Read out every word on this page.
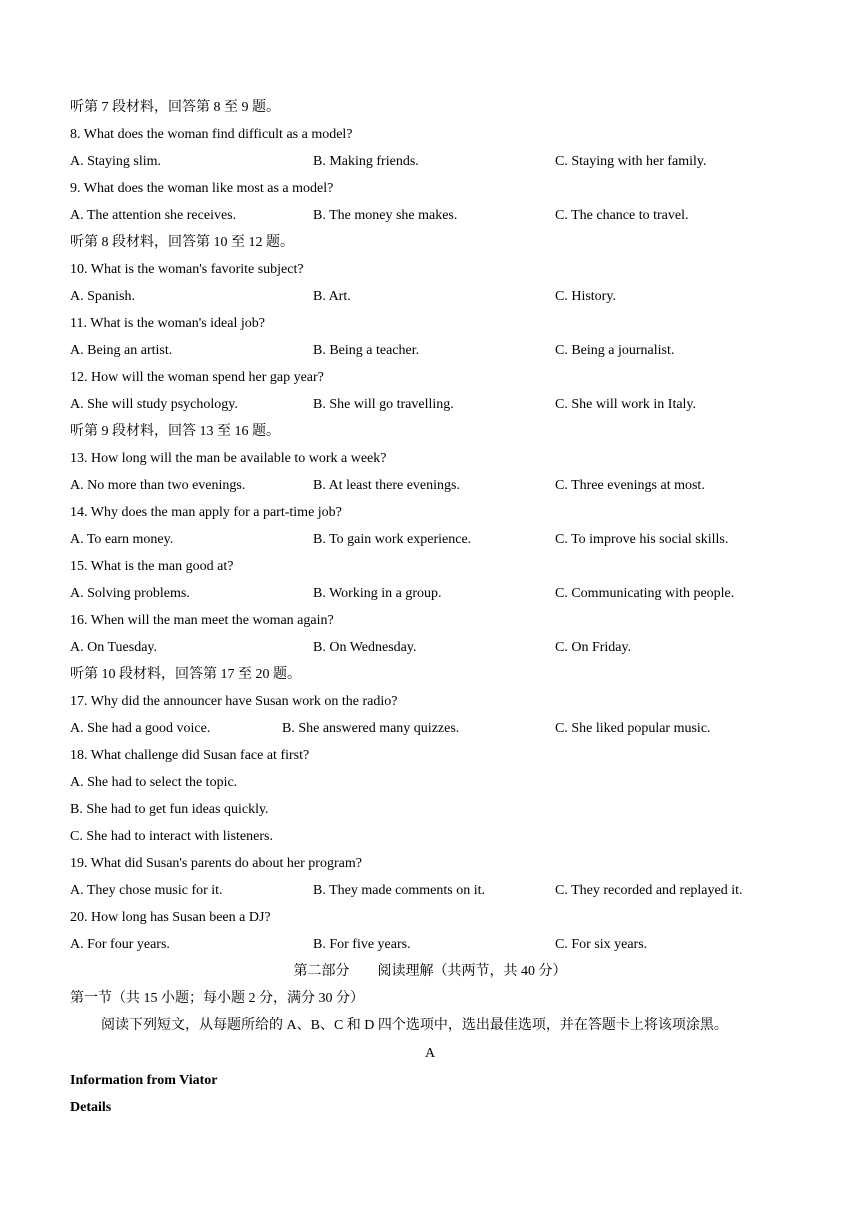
听第 7 段材料，回答第 8 至 9 题。
8. What does the woman find difficult as a model?
A. Staying slim.	B. Making friends.	C. Staying with her family.
9. What does the woman like most as a model?
A. The attention she receives.	B. The money she makes.	C. The chance to travel.
听第 8 段材料，回答第 10 至 12 题。
10. What is the woman's favorite subject?
A. Spanish.	B. Art.	C. History.
11. What is the woman's ideal job?
A. Being an artist.	B. Being a teacher.	C. Being a journalist.
12. How will the woman spend her gap year?
A. She will study psychology.	B. She will go travelling.	C. She will work in Italy.
听第 9 段材料，回答 13 至 16 题。
13. How long will the man be available to work a week?
A. No more than two evenings.	B. At least there evenings.	C. Three evenings at most.
14. Why does the man apply for a part-time job?
A. To earn money.	B. To gain work experience.	C. To improve his social skills.
15. What is the man good at?
A. Solving problems.	B. Working in a group.	C. Communicating with people.
16. When will the man meet the woman again?
A. On Tuesday.	B. On Wednesday.	C. On Friday.
听第 10 段材料，回答第 17 至 20 题。
17. Why did the announcer have Susan work on the radio?
A. She had a good voice.	B. She answered many quizzes.	C. She liked popular music.
18. What challenge did Susan face at first?
A. She had to select the topic.
B. She had to get fun ideas quickly.
C. She had to interact with listeners.
19. What did Susan's parents do about her program?
A. They chose music for it.	B. They made comments on it.	C. They recorded and replayed it.
20. How long has Susan been a DJ?
A. For four years.	B. For five years.	C. For six years.
第二部分　　阅读理解（共两节，共 40 分）
第一节（共 15 小题；每小题 2 分，满分 30 分）
阅读下列短文，从每题所给的 A、B、C 和 D 四个选项中，选出最佳选项，并在答题卡上将该项涂黑。
A
Information from Viator
Details
